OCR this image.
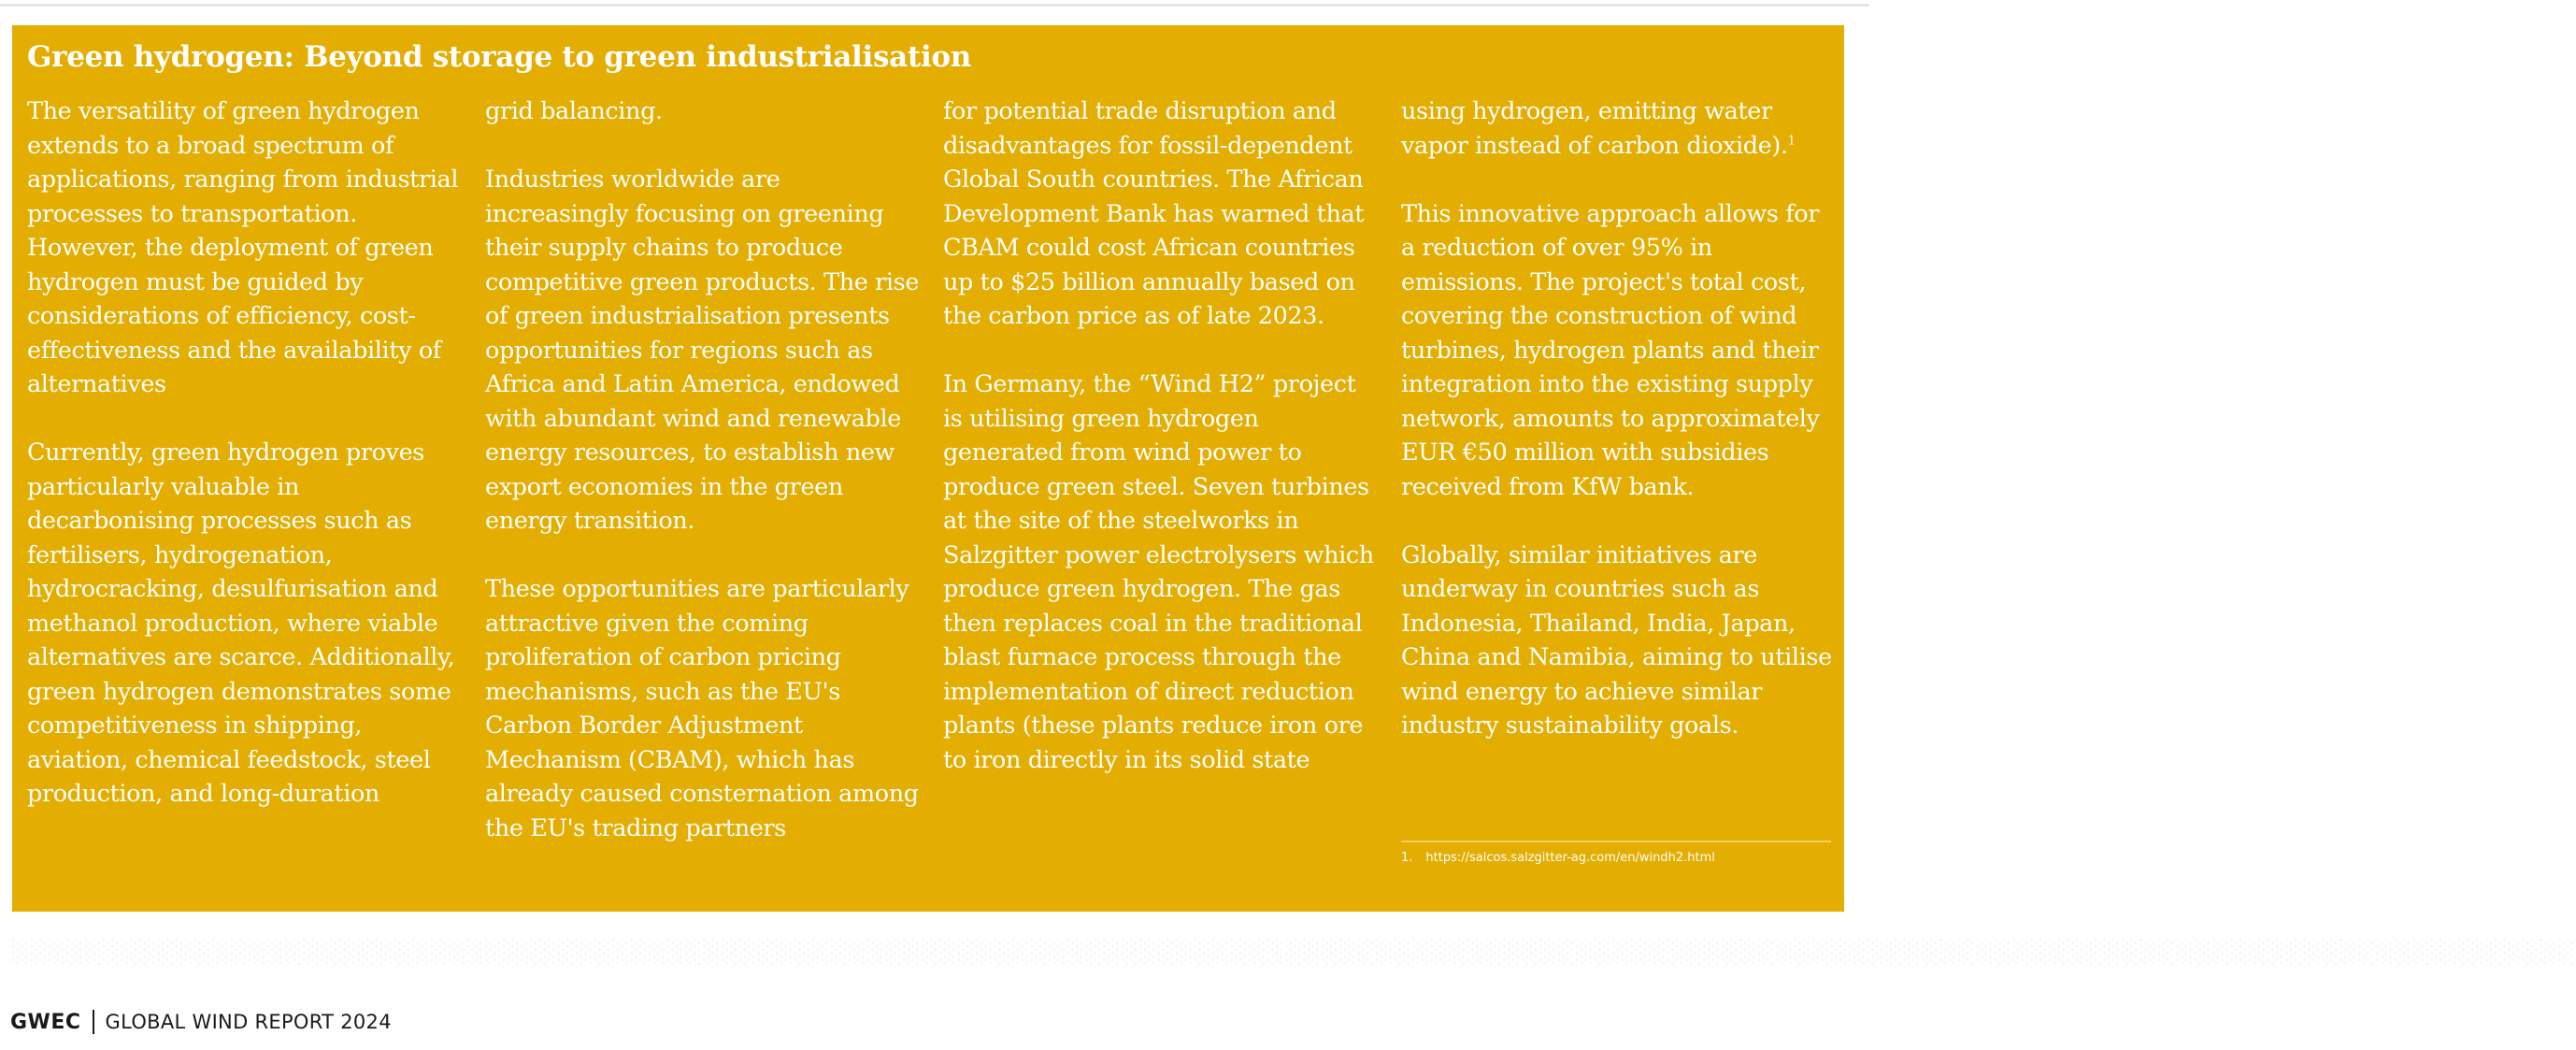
Green hydrogen: Beyond storage to green industrialisation

The versatility of green hydrogen extends to a broad spectrum of applications, ranging from industrial processes to transportation. However, the deployment of green hydrogen must be guided by considerations of efficiency, cost-effectiveness and the availability of alternatives

Currently, green hydrogen proves particularly valuable in decarbonising processes such as fertilisers, hydrogenation, hydrocracking, desulfurisation and methanol production, where viable alternatives are scarce. Additionally, green hydrogen demonstrates some competitiveness in shipping, aviation, chemical feedstock, steel production, and long-duration

grid balancing.

Industries worldwide are increasingly focusing on greening their supply chains to produce competitive green products. The rise of green industrialisation presents opportunities for regions such as Africa and Latin America, endowed with abundant wind and renewable energy resources, to establish new export economies in the green energy transition.

These opportunities are particularly attractive given the coming proliferation of carbon pricing mechanisms, such as the EU's Carbon Border Adjustment Mechanism (CBAM), which has already caused consternation among the EU's trading partners

for potential trade disruption and disadvantages for fossil-dependent Global South countries. The African Development Bank has warned that CBAM could cost African countries up to $25 billion annually based on the carbon price as of late 2023.

In Germany, the “Wind H2” project is utilising green hydrogen generated from wind power to produce green steel. Seven turbines at the site of the steelworks in Salzgitter power electrolysers which produce green hydrogen. The gas then replaces coal in the traditional blast furnace process through the implementation of direct reduction plants (these plants reduce iron ore to iron directly in its solid state

using hydrogen, emitting water vapor instead of carbon dioxide).$^1$

This innovative approach allows for a reduction of over 95% in emissions. The project's total cost, covering the construction of wind turbines, hydrogen plants and their integration into the existing supply network, amounts to approximately EUR €50 million with subsidies received from KfW bank.

Globally, similar initiatives are underway in countries such as Indonesia, Thailand, India, Japan, China and Namibia, aiming to utilise wind energy to achieve similar industry sustainability goals.

1. https://salcos.salzgitter-ag.com/en/windh2.html
░░░░░░░░░░░░░░░░░░░░░░░░░░░░░░░░░░░░░░░░░░░░░░░░░░░░░░░░░░░░░░░░░░░░░░░░░░░░░░░░░░░░░░░░░░░░░░░░░░░░░░░░░░░░░░░░░░░░░░░░░░░░░░░░░░░░░░░░░░░░░
GWEC GLOBAL WIND REPORT 2024
